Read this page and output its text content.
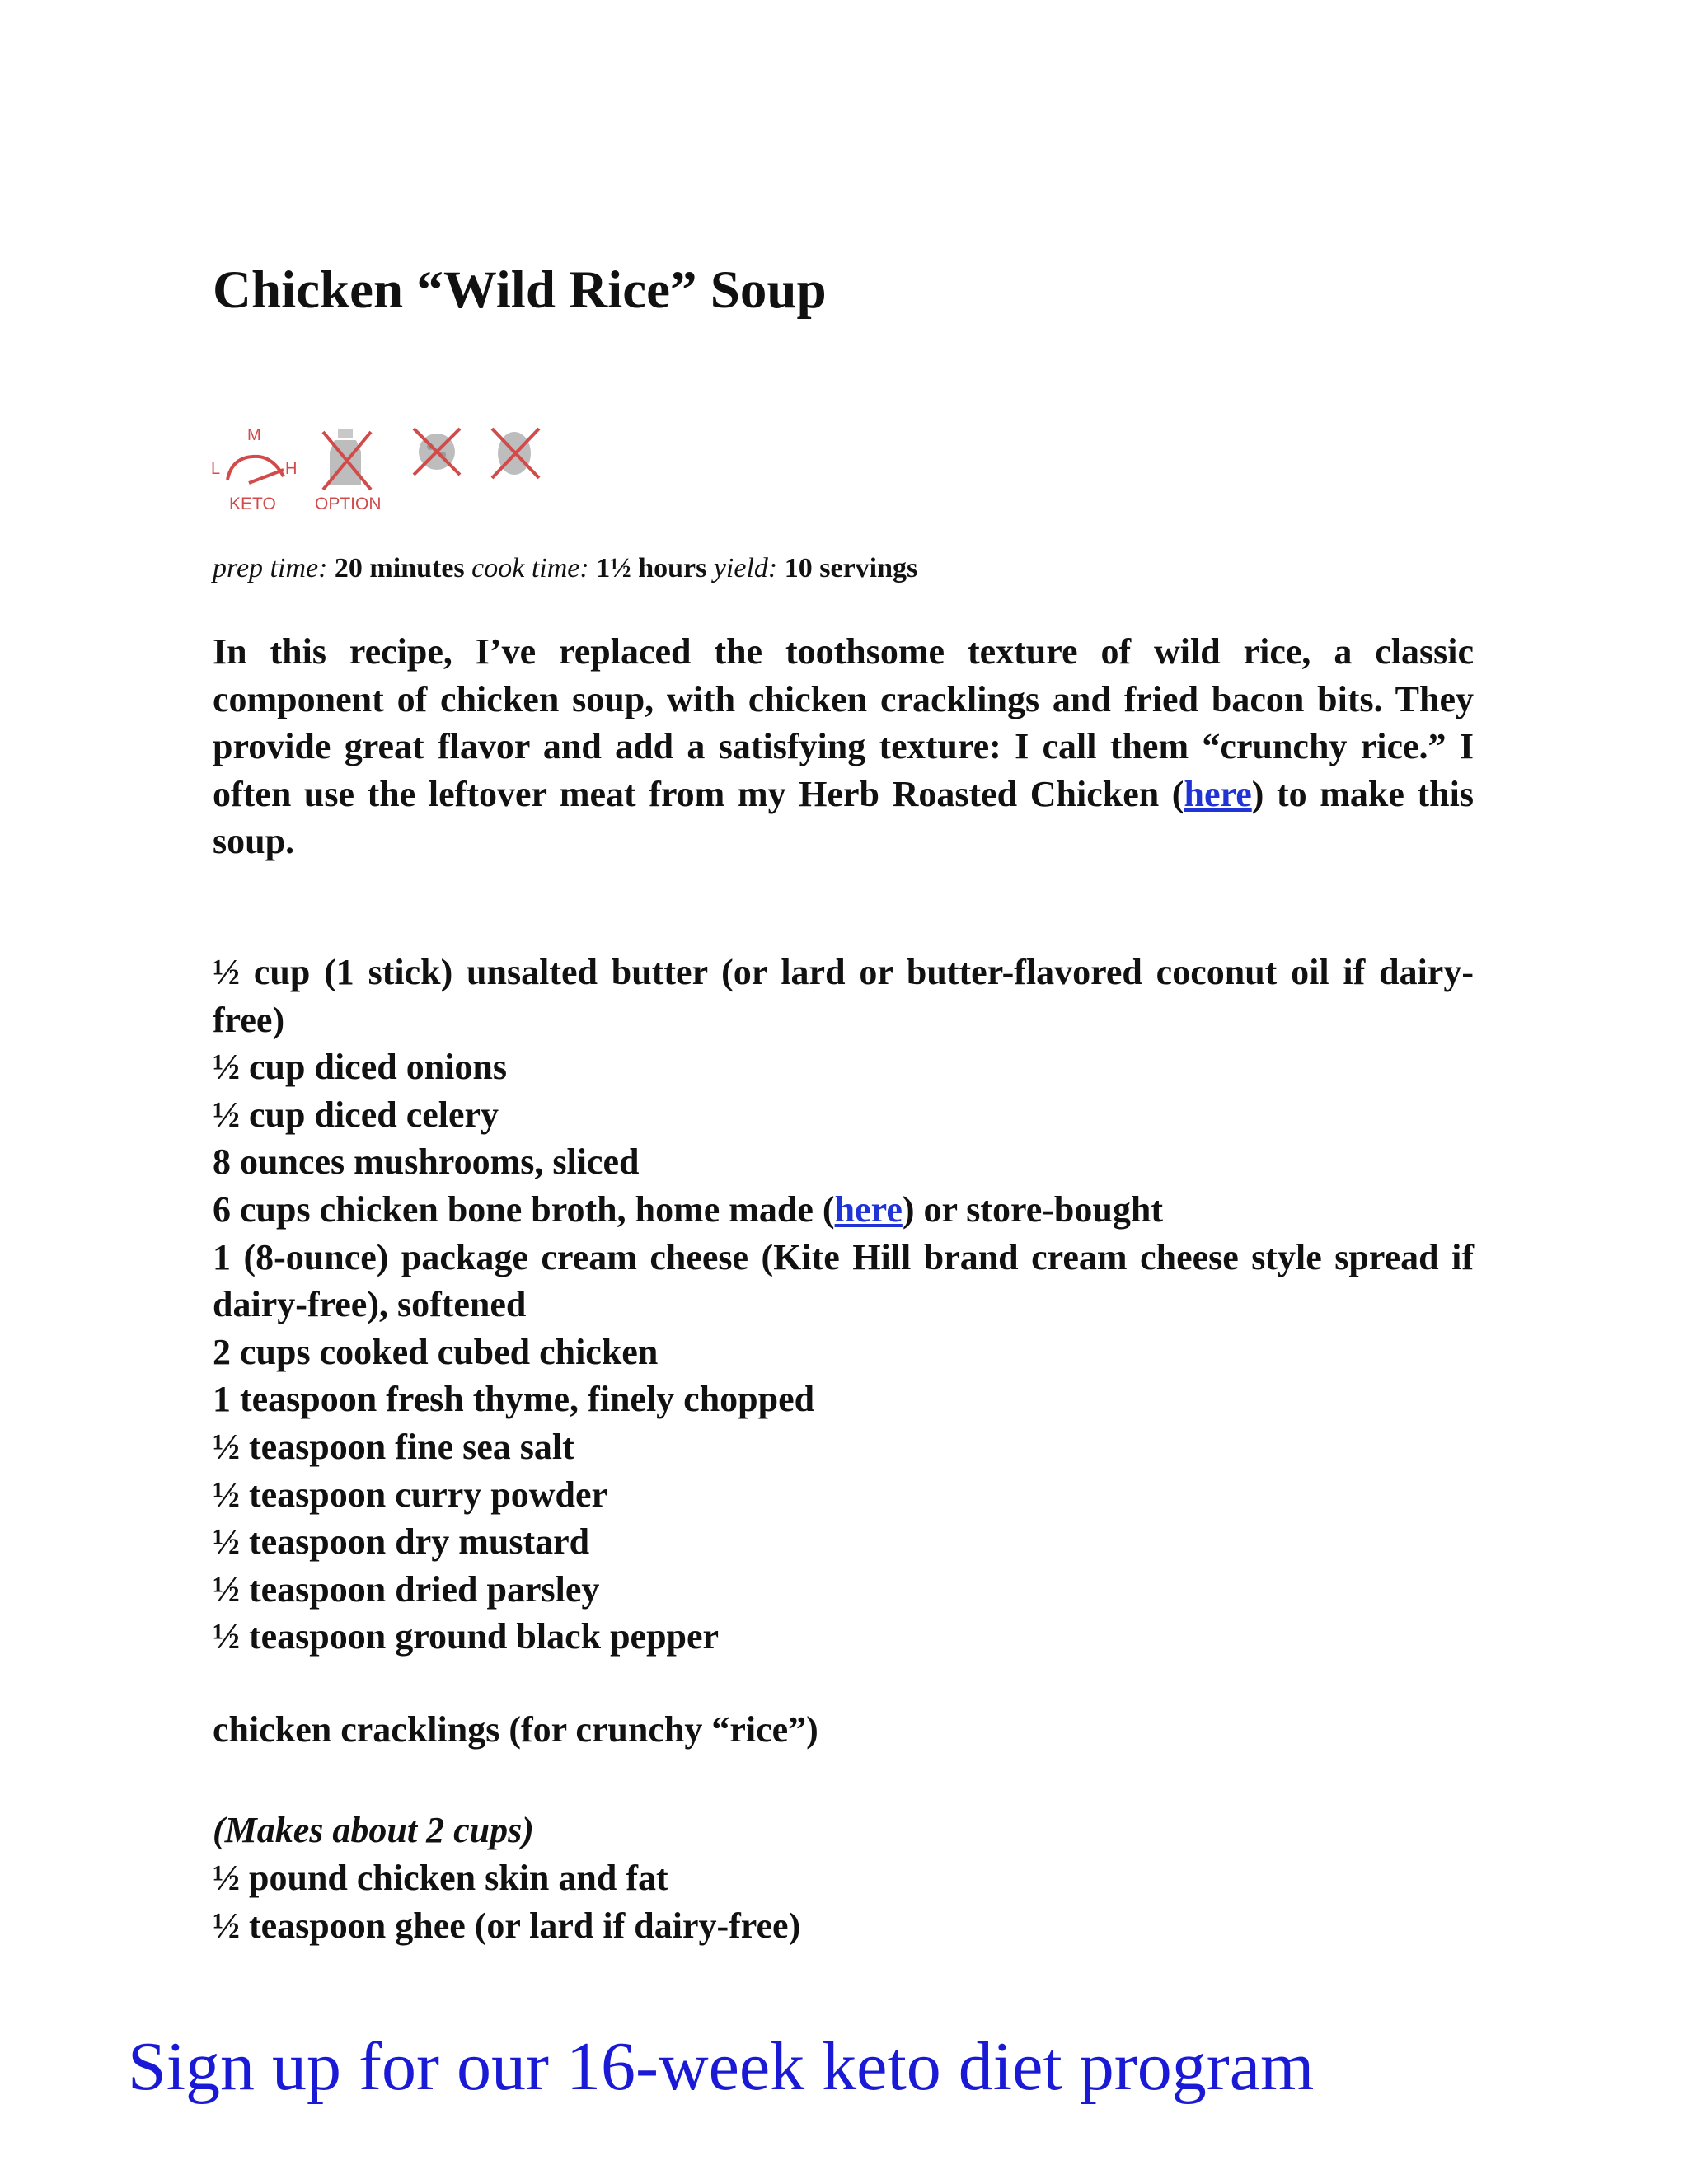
Chicken “Wild Rice” Soup
M
L	H
KETO OPTION

prep time: 20 minutes cook time: 1½ hours yield: 10 servings

In this recipe, I’ve replaced the toothsome texture of wild rice, a classic component of chicken soup, with chicken cracklings and fried bacon bits. They provide great flavor and add a satisfying texture: I call them “crunchy rice.” I often use the leftover meat from my Herb Roasted Chicken (here) to make this soup.

½ cup (1 stick) unsalted butter (or lard or butter-flavored coconut oil if dairy-free)
½ cup diced onions
½ cup diced celery
8 ounces mushrooms, sliced
6 cups chicken bone broth, home made (here) or store-bought
1 (8-ounce) package cream cheese (Kite Hill brand cream cheese style spread if dairy-free), softened
2 cups cooked cubed chicken
1 teaspoon fresh thyme, finely chopped
½ teaspoon fine sea salt
½ teaspoon curry powder
½ teaspoon dry mustard
½ teaspoon dried parsley
½ teaspoon ground black pepper

chicken cracklings (for crunchy “rice”)

(Makes about 2 cups)

½ pound chicken skin and fat
½ teaspoon ghee (or lard if dairy-free)

Sign up for our 16-week keto diet program
